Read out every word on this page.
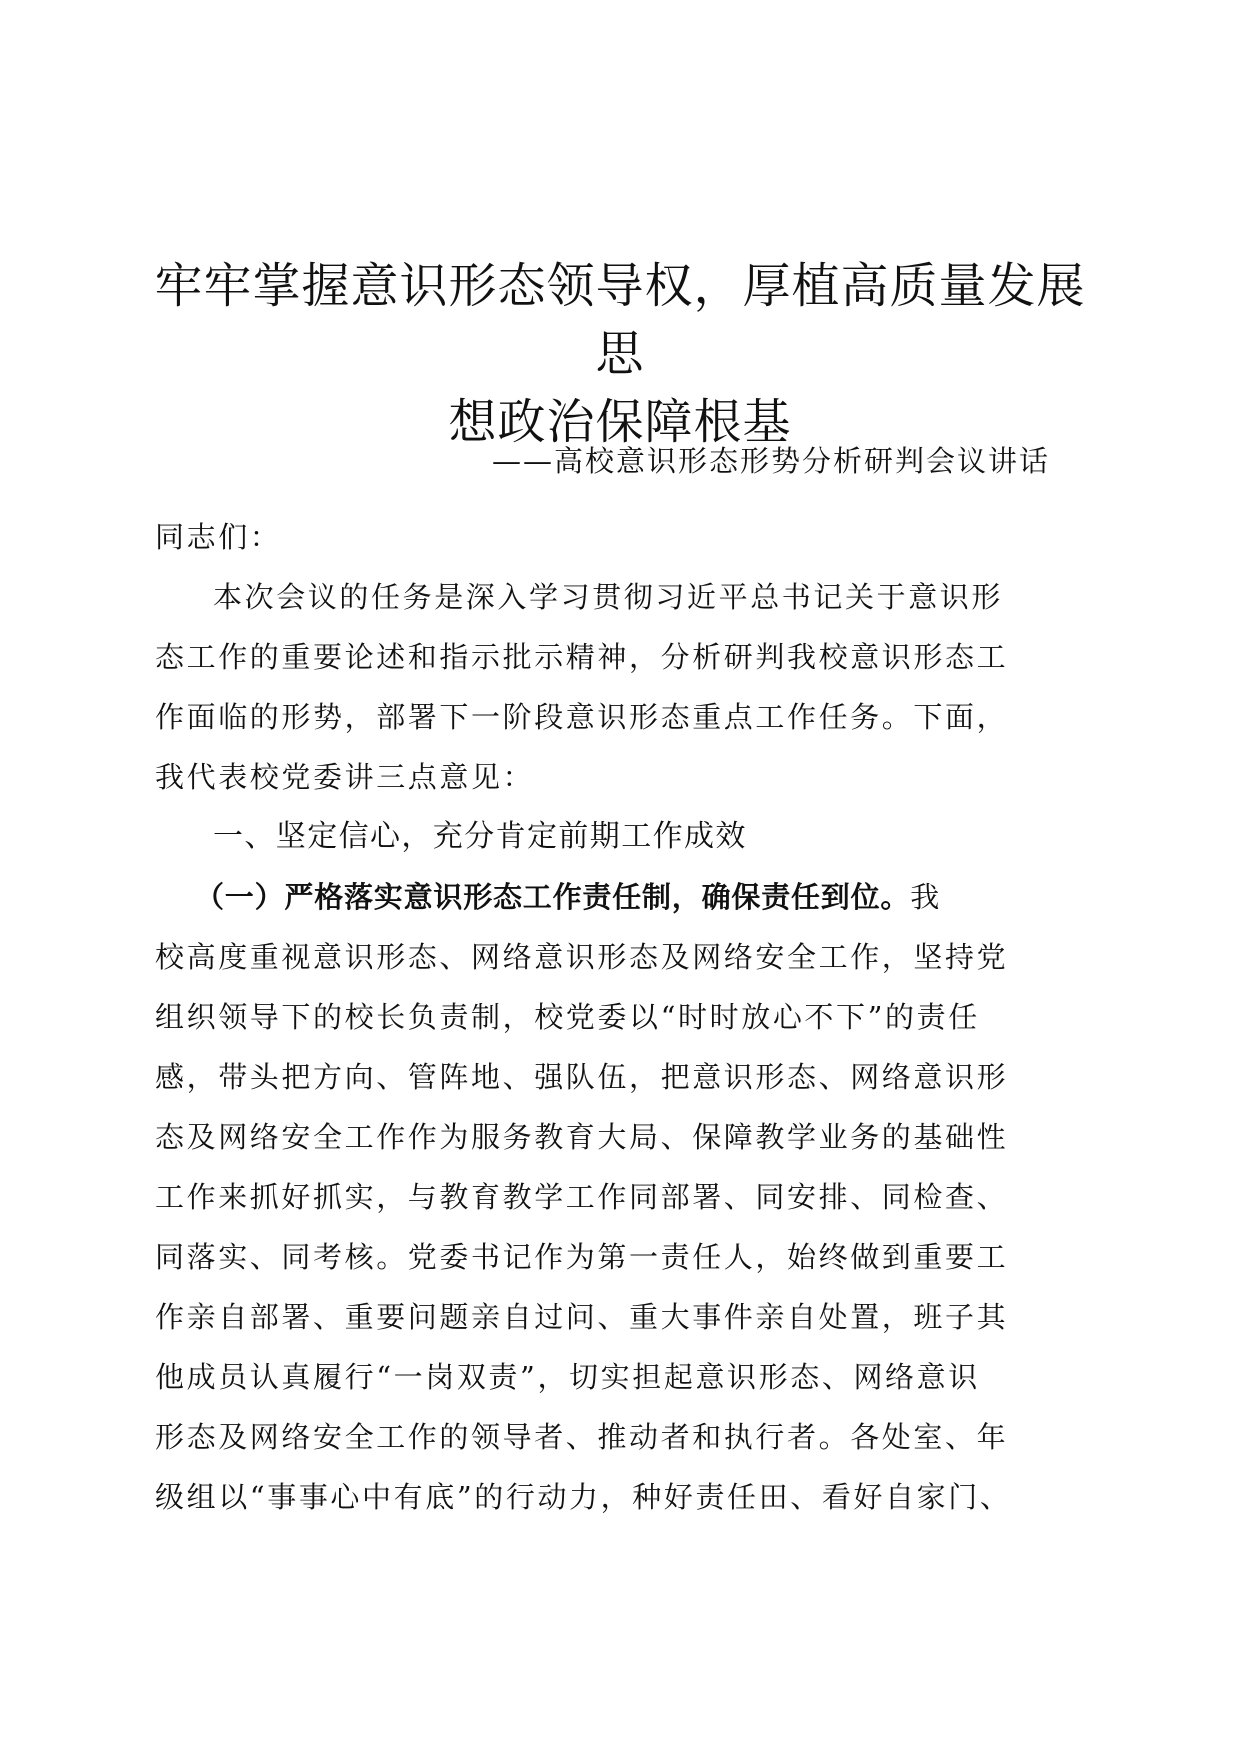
牢牢掌握意识形态领导权，厚植高质量发展思
想政治保障根基
——高校意识形态形势分析研判会议讲话
同志们：
本次会议的任务是深入学习贯彻习近平总书记关于意识形
态工作的重要论述和指示批示精神，分析研判我校意识形态工
作面临的形势，部署下一阶段意识形态重点工作任务。下面，
我代表校党委讲三点意见：
一、坚定信心，充分肯定前期工作成效
（一）严格落实意识形态工作责任制，确保责任到位。我
校高度重视意识形态、网络意识形态及网络安全工作，坚持党
组织领导下的校长负责制，校党委以“时时放心不下”的责任
感，带头把方向、管阵地、强队伍，把意识形态、网络意识形
态及网络安全工作作为服务教育大局、保障教学业务的基础性
工作来抓好抓实，与教育教学工作同部署、同安排、同检查、
同落实、同考核。党委书记作为第一责任人，始终做到重要工
作亲自部署、重要问题亲自过问、重大事件亲自处置，班子其
他成员认真履行“一岗双责”，切实担起意识形态、网络意识
形态及网络安全工作的领导者、推动者和执行者。各处室、年
级组以“事事心中有底”的行动力，种好责任田、看好自家门、
